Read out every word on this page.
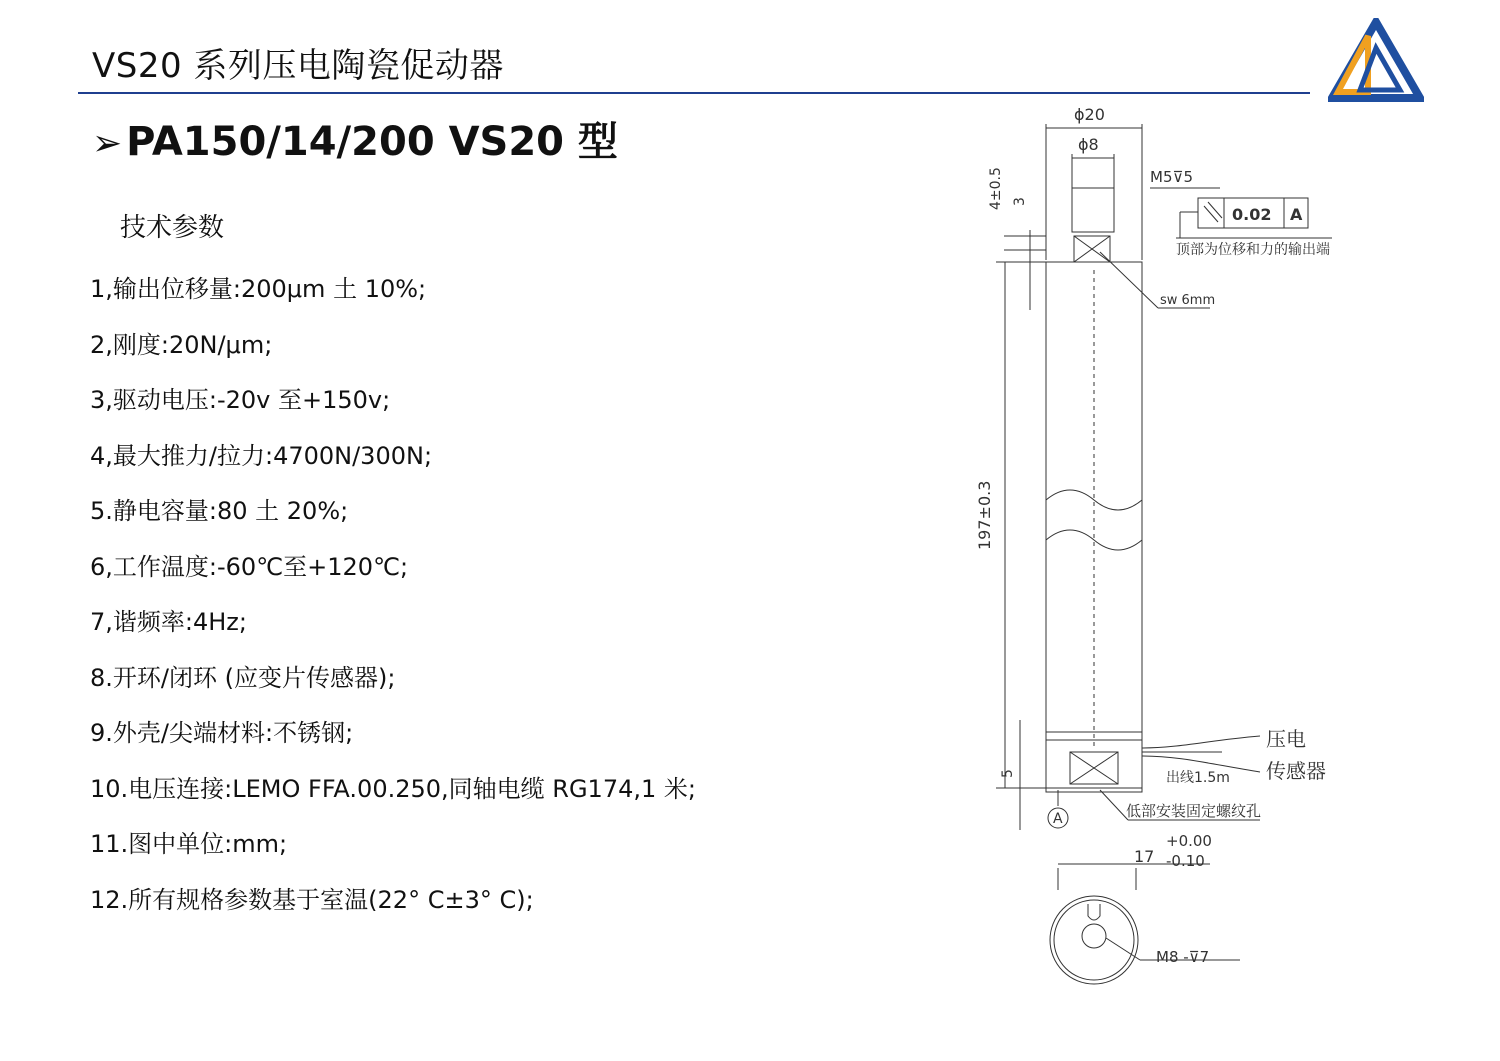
VS20 系列压电陶瓷促动器
➢ PA150/14/200 VS20 型
技术参数
1,输出位移量:200μm 土 10%;
2,刚度:20N/μm;
3,驱动电压:-20v 至+150v;
4,最大推力/拉力:4700N/300N;
5.静电容量:80 土 20%;
6,工作温度:-60℃至+120℃;
7,谐频率:4Hz;
8.开环/闭环 (应变片传感器);
9.外壳/尖端材料:不锈钢;
10.电压连接:LEMO FFA.00.250,同轴电缆 RG174,1 米;
11.图中单位:mm;
12.所有规格参数基于室温(22° C±3° C);
ϕ20
ϕ8
M5⊽5
0.02 A
顶部为位移和力的输出端
sw 6mm
4±0.5 3
197±0.3
5
压电
传感器
出线1.5m
A	低部安装固定螺纹孔
17
+0.00
-0.10
M8 -⊽7
